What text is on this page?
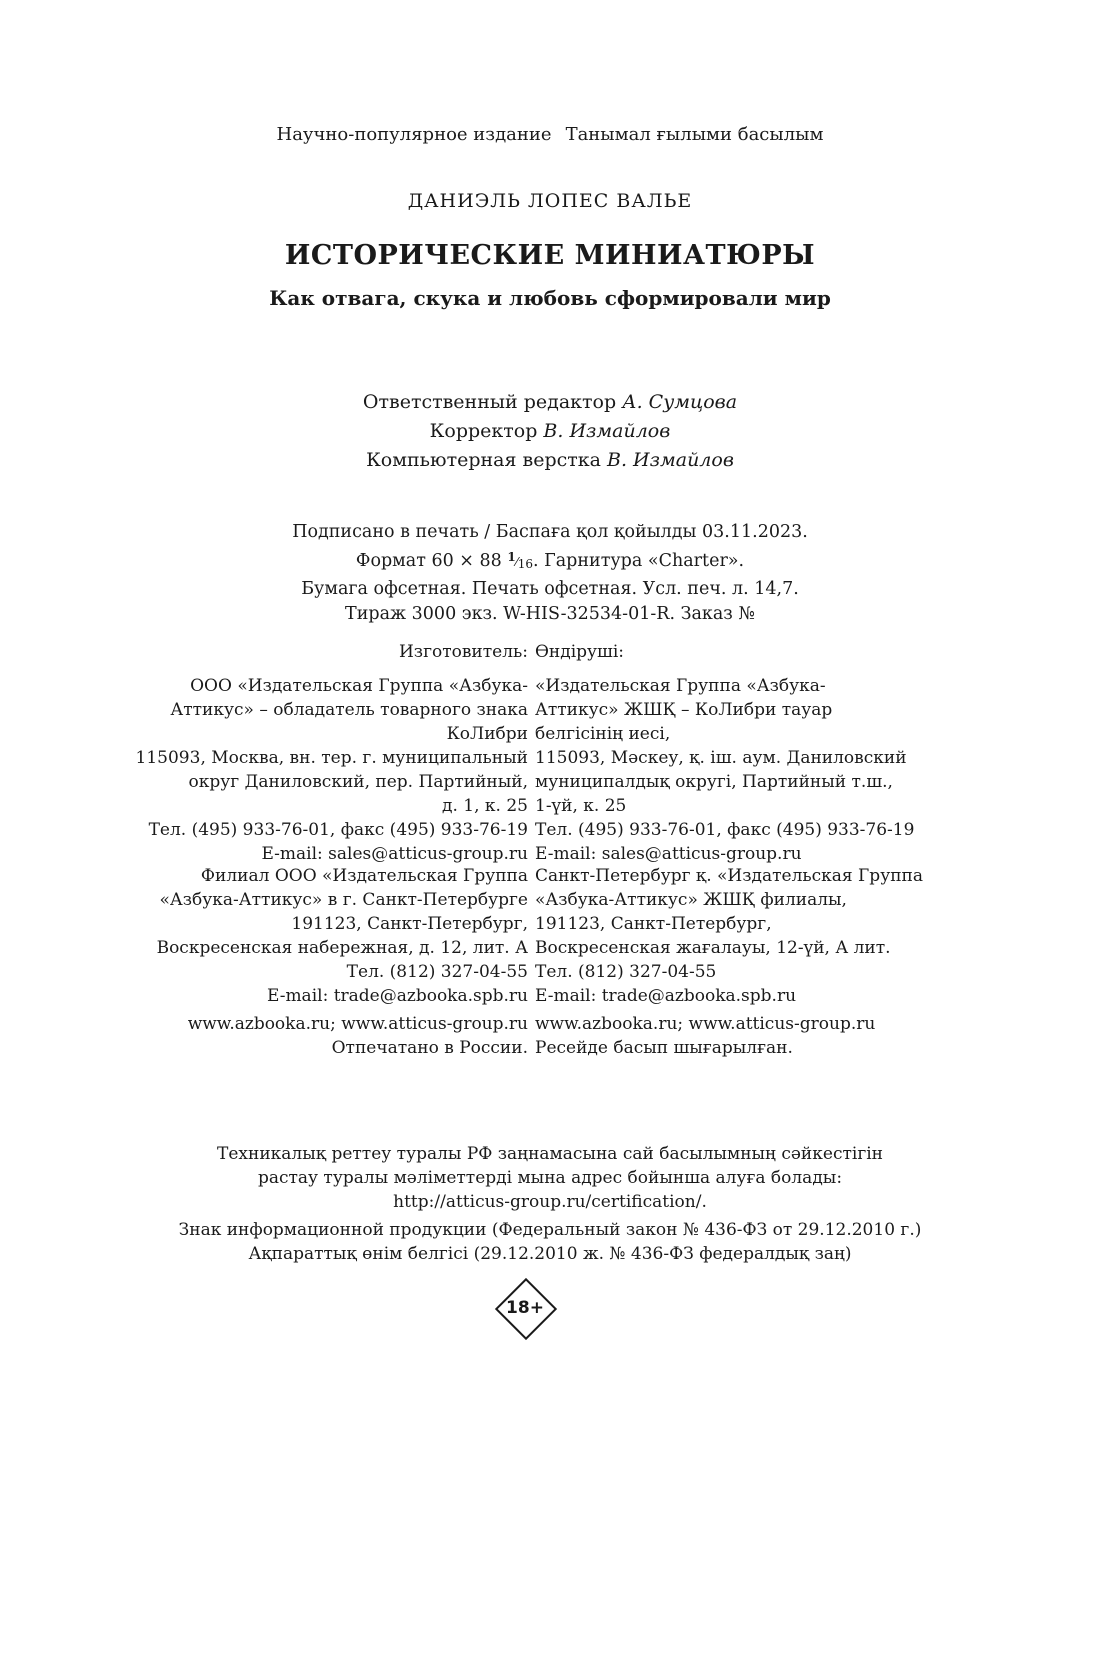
Научно-популярное издание Танымал ғылыми басылым
ДАНИЭЛЬ ЛОПЕС ВАЛЬЕ
ИСТОРИЧЕСКИЕ МИНИАТЮРЫ
Как отвага, скука и любовь сформировали мир
Ответственный редактор А. Сумцова
Корректор В. Измайлов
Компьютерная верстка В. Измайлов
Подписано в печать / Баспаға қол қойылды 03.11.2023.
Формат 60 × 88 1⁄16. Гарнитура «Charter».
Бумага офсетная. Печать офсетная. Усл. печ. л. 14,7.
Тираж 3000 экз. W-HIS-32534-01-R. Заказ №
Изготовитель:
ООО «Издательская Группа «Азбука-
Аттикус» – обладатель товарного знака
КоЛибри
115093, Москва, вн. тер. г. муниципальный
округ Даниловский, пер. Партийный,
д. 1, к. 25
Тел. (495) 933-76-01, факс (495) 933-76-19
E-mail: sales@atticus-group.ru
Филиал ООО «Издательская Группа
«Азбука-Аттикус» в г. Санкт-Петербурге
191123, Санкт-Петербург,
Воскресенская набережная, д. 12, лит. А
Тел. (812) 327-04-55
E-mail: trade@azbooka.spb.ru
www.azbooka.ru; www.atticus-group.ru
Отпечатано в России.
Өндіруші:
«Издательская Группа «Азбука-
Аттикус» ЖШҚ – КоЛибри тауар
белгісінің иесі,
115093, Мәскеу, қ. іш. аум. Даниловский
муниципалдық округі, Партийный т.ш.,
1-үй, к. 25
Тел. (495) 933-76-01, факс (495) 933-76-19
E-mail: sales@atticus-group.ru
Санкт-Петербург қ. «Издательская Группа
«Азбука-Аттикус» ЖШҚ филиалы,
191123, Санкт-Петербург,
Воскресенская жағалауы, 12-үй, А лит.
Тел. (812) 327-04-55
E-mail: trade@azbooka.spb.ru
www.azbooka.ru; www.atticus-group.ru
Ресейде басып шығарылған.
Техникалық реттеу туралы РФ заңнамасына сай басылымның сәйкестігін
растау туралы мәліметтерді мына адрес бойынша алуға болады:
http://atticus-group.ru/certification/.
Знак информационной продукции (Федеральный закон № 436-ФЗ от 29.12.2010 г.)
Ақпараттық өнім белгісі (29.12.2010 ж. № 436-ФЗ федералдық заң)
18+
